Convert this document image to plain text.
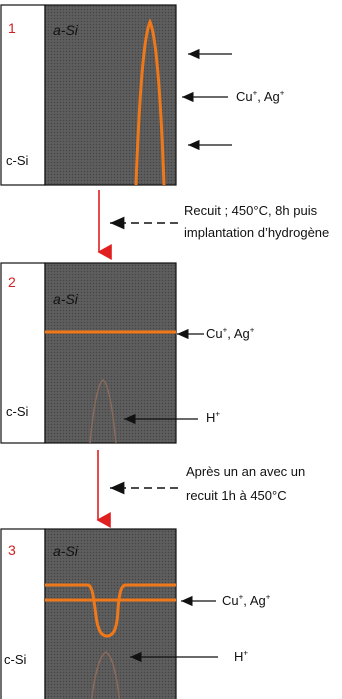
1	a-Si
c-Si
Cu+, Ag+
Recuit ; 450°C, 8h puis
implantation d’hydrogène
2
a-Si
c-Si
Cu+, Ag+
H+
Après un an avec un
recuit 1h à 450°C
3	a-Si
c-Si
Cu+, Ag+
H+
